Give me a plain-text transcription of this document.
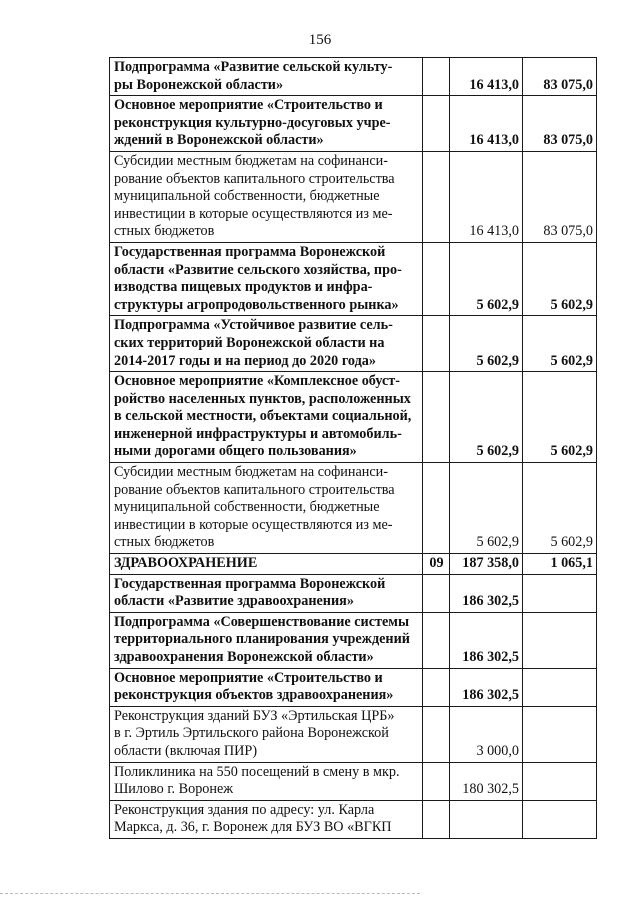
156
Подпрограмма «Развитие сельской культу-
ры Воронежской области»		16 413,0	83 075,0
Основное мероприятие «Строительство и
реконструкция культурно-досуговых учре-
ждений в Воронежской области»		16 413,0	83 075,0
Субсидии местным бюджетам на софинанси-
рование объектов капитального строительства
муниципальной собственности, бюджетные
инвестиции в которые осуществляются из ме-
стных бюджетов		16 413,0	83 075,0
Государственная программа Воронежской
области «Развитие сельского хозяйства, про-
изводства пищевых продуктов и инфра-
структуры агропродовольственного рынка»		5 602,9	5 602,9
Подпрограмма «Устойчивое развитие сель-
ских территорий Воронежской области на
2014-2017 годы и на период до 2020 года»		5 602,9	5 602,9
Основное мероприятие «Комплексное обуст-
ройство населенных пунктов, расположенных
в сельской местности, объектами социальной,
инженерной инфраструктуры и автомобиль-
ными дорогами общего пользования»		5 602,9	5 602,9
Субсидии местным бюджетам на софинанси-
рование объектов капитального строительства
муниципальной собственности, бюджетные
инвестиции в которые осуществляются из ме-
стных бюджетов		5 602,9	5 602,9
ЗДРАВООХРАНЕНИЕ	09	187 358,0	1 065,1
Государственная программа Воронежской
области «Развитие здравоохранения»		186 302,5	
Подпрограмма «Совершенствование системы
территориального планирования учреждений
здравоохранения Воронежской области»		186 302,5	
Основное мероприятие «Строительство и
реконструкция объектов здравоохранения»		186 302,5	
Реконструкция зданий БУЗ «Эртильская ЦРБ»
в г. Эртиль Эртильского района Воронежской
области (включая ПИР)		3 000,0	
Поликлиника на 550 посещений в смену в мкр.
Шилово г. Воронеж		180 302,5	
Реконструкция здания по адресу: ул. Карла
Маркса, д. 36, г. Воронеж для БУЗ ВО «ВГКП			
